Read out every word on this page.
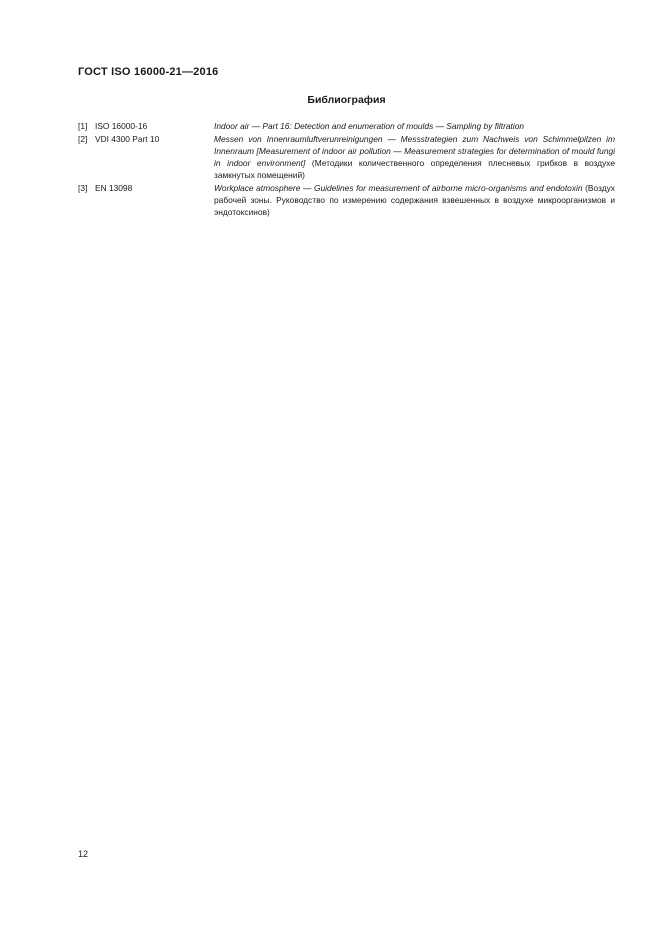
ГОСТ ISO 16000-21—2016
Библиография
[1] ISO 16000-16	Indoor air — Part 16: Detection and enumeration of moulds — Sampling by filtration
[2] VDI 4300 Part 10	Messen von Innenraumluftverunreinigungen — Messstrategien zum Nachweis von Schimmelpilzen im Innenraum [Measurement of indoor air pollution — Measurement strategies for determination of mould fungi in indoor environment] (Методики количественного определения плесневых грибков в воздухе замкнутых помещений)
[3] EN 13098	Workplace atmosphere — Guidelines for measurement of airborne micro-organisms and endotoxin (Воздух рабочей зоны. Руководство по измерению содержания взвешенных в воздухе микроорганизмов и эндотоксинов)
12
